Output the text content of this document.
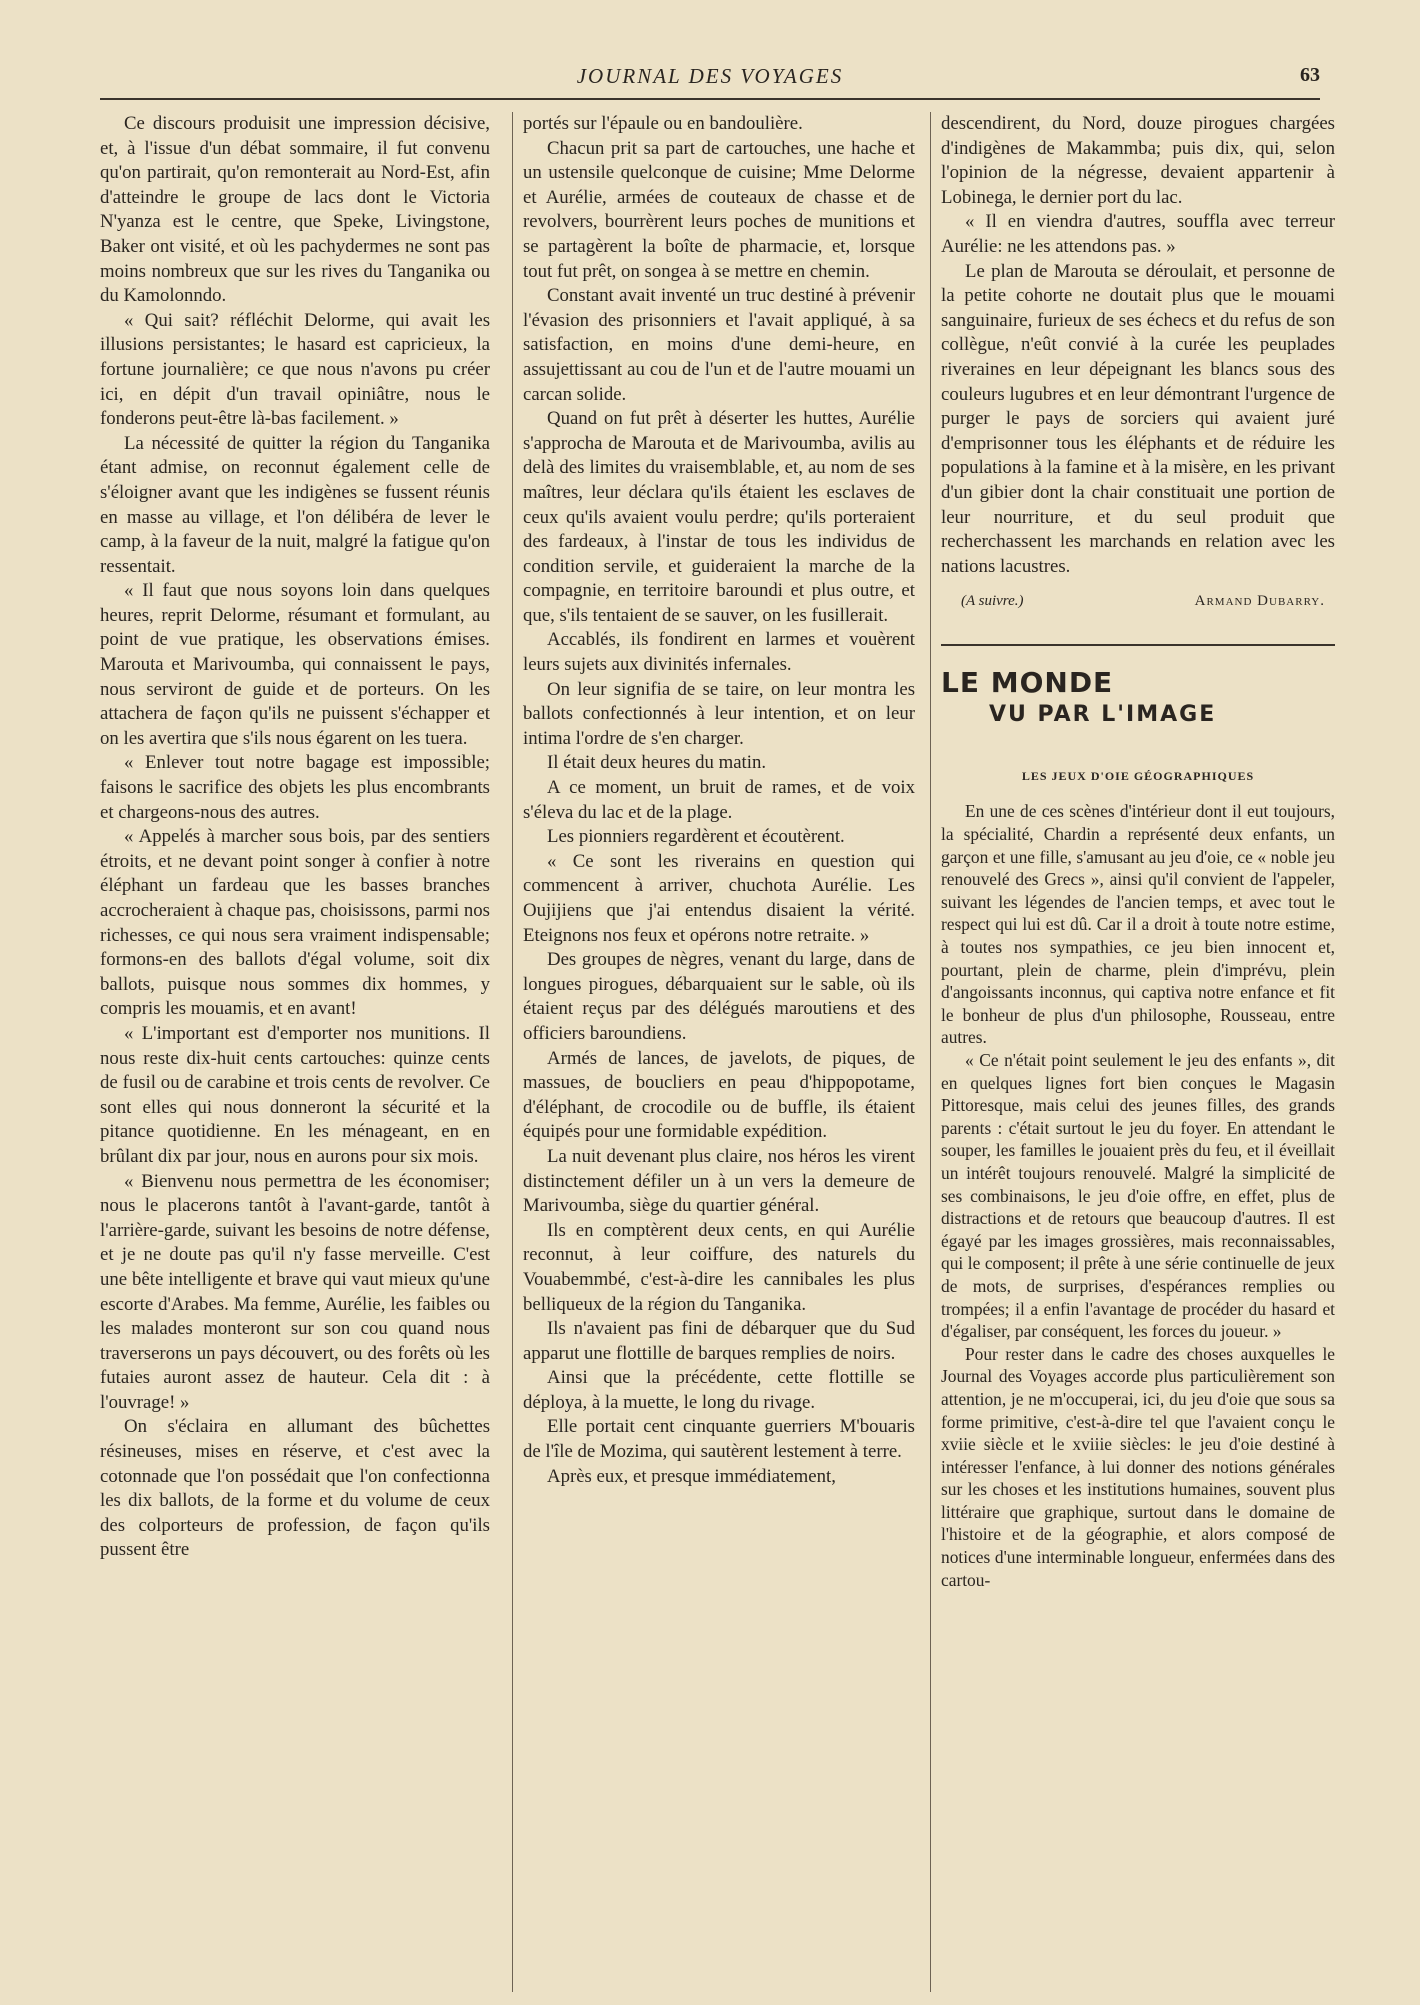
JOURNAL DES VOYAGES	63

Ce discours produisit une impression décisive, et, à l'issue d'un débat sommaire, il fut convenu qu'on partirait, qu'on remonterait au Nord-Est, afin d'atteindre le groupe de lacs dont le Victoria N'yanza est le centre, que Speke, Livingstone, Baker ont visité, et où les pachydermes ne sont pas moins nombreux que sur les rives du Tanganika ou du Kamolonndo.

« Qui sait? réfléchit Delorme, qui avait les illusions persistantes; le hasard est capricieux, la fortune journalière; ce que nous n'avons pu créer ici, en dépit d'un travail opiniâtre, nous le fonderons peut-être là-bas facilement. »

La nécessité de quitter la région du Tanganika étant admise, on reconnut également celle de s'éloigner avant que les indigènes se fussent réunis en masse au village, et l'on délibéra de lever le camp, à la faveur de la nuit, malgré la fatigue qu'on ressentait.

« Il faut que nous soyons loin dans quelques heures, reprit Delorme, résumant et formulant, au point de vue pratique, les observations émises. Marouta et Marivoumba, qui connaissent le pays, nous serviront de guide et de porteurs. On les attachera de façon qu'ils ne puissent s'échapper et on les avertira que s'ils nous égarent on les tuera.

« Enlever tout notre bagage est impossible; faisons le sacrifice des objets les plus encombrants et chargeons-nous des autres.

« Appelés à marcher sous bois, par des sentiers étroits, et ne devant point songer à confier à notre éléphant un fardeau que les basses branches accrocheraient à chaque pas, choisissons, parmi nos richesses, ce qui nous sera vraiment indispensable; formons-en des ballots d'égal volume, soit dix ballots, puisque nous sommes dix hommes, y compris les mouamis, et en avant!

« L'important est d'emporter nos munitions. Il nous reste dix-huit cents cartouches: quinze cents de fusil ou de carabine et trois cents de revolver. Ce sont elles qui nous donneront la sécurité et la pitance quotidienne. En les ménageant, en en brûlant dix par jour, nous en aurons pour six mois.

« Bienvenu nous permettra de les économiser; nous le placerons tantôt à l'avant-garde, tantôt à l'arrière-garde, suivant les besoins de notre défense, et je ne doute pas qu'il n'y fasse merveille. C'est une bête intelligente et brave qui vaut mieux qu'une escorte d'Arabes. Ma femme, Aurélie, les faibles ou les malades monteront sur son cou quand nous traverserons un pays découvert, ou des forêts où les futaies auront assez de hauteur. Cela dit : à l'ouvrage! »

On s'éclaira en allumant des bûchettes résineuses, mises en réserve, et c'est avec la cotonnade que l'on possédait que l'on confectionna les dix ballots, de la forme et du volume de ceux des colporteurs de profession, de façon qu'ils pussent être

portés sur l'épaule ou en bandoulière.

Chacun prit sa part de cartouches, une hache et un ustensile quelconque de cuisine; Mme Delorme et Aurélie, armées de couteaux de chasse et de revolvers, bourrèrent leurs poches de munitions et se partagèrent la boîte de pharmacie, et, lorsque tout fut prêt, on songea à se mettre en chemin.

Constant avait inventé un truc destiné à prévenir l'évasion des prisonniers et l'avait appliqué, à sa satisfaction, en moins d'une demi-heure, en assujettissant au cou de l'un et de l'autre mouami un carcan solide.

Quand on fut prêt à déserter les huttes, Aurélie s'approcha de Marouta et de Marivoumba, avilis au delà des limites du vraisemblable, et, au nom de ses maîtres, leur déclara qu'ils étaient les esclaves de ceux qu'ils avaient voulu perdre; qu'ils porteraient des fardeaux, à l'instar de tous les individus de condition servile, et guideraient la marche de la compagnie, en territoire baroundi et plus outre, et que, s'ils tentaient de se sauver, on les fusillerait.

Accablés, ils fondirent en larmes et vouèrent leurs sujets aux divinités infernales.

On leur signifia de se taire, on leur montra les ballots confectionnés à leur intention, et on leur intima l'ordre de s'en charger.

Il était deux heures du matin.

A ce moment, un bruit de rames, et de voix s'éleva du lac et de la plage.

Les pionniers regardèrent et écoutèrent.

« Ce sont les riverains en question qui commencent à arriver, chuchota Aurélie. Les Oujijiens que j'ai entendus disaient la vérité. Eteignons nos feux et opérons notre retraite. »

Des groupes de nègres, venant du large, dans de longues pirogues, débarquaient sur le sable, où ils étaient reçus par des délégués maroutiens et des officiers baroundiens.

Armés de lances, de javelots, de piques, de massues, de boucliers en peau d'hippopotame, d'éléphant, de crocodile ou de buffle, ils étaient équipés pour une formidable expédition.

La nuit devenant plus claire, nos héros les virent distinctement défiler un à un vers la demeure de Marivoumba, siège du quartier général.

Ils en comptèrent deux cents, en qui Aurélie reconnut, à leur coiffure, des naturels du Vouabemmbé, c'est-à-dire les cannibales les plus belliqueux de la région du Tanganika.

Ils n'avaient pas fini de débarquer que du Sud apparut une flottille de barques remplies de noirs.

Ainsi que la précédente, cette flottille se déploya, à la muette, le long du rivage.

Elle portait cent cinquante guerriers M'bouaris de l'île de Mozima, qui sautèrent lestement à terre.

Après eux, et presque immédiatement,

descendirent, du Nord, douze pirogues chargées d'indigènes de Makammba; puis dix, qui, selon l'opinion de la négresse, devaient appartenir à Lobinega, le dernier port du lac.

« Il en viendra d'autres, souffla avec terreur Aurélie: ne les attendons pas. »

Le plan de Marouta se déroulait, et personne de la petite cohorte ne doutait plus que le mouami sanguinaire, furieux de ses échecs et du refus de son collègue, n'eût convié à la curée les peuplades riveraines en leur dépeignant les blancs sous des couleurs lugubres et en leur démontrant l'urgence de purger le pays de sorciers qui avaient juré d'emprisonner tous les éléphants et de réduire les populations à la famine et à la misère, en les privant d'un gibier dont la chair constituait une portion de leur nourriture, et du seul produit que recherchassent les marchands en relation avec les nations lacustres.

(A suivre.)	Armand Dubarry.
LE MONDE
VU PAR L'IMAGE
LES JEUX D'OIE GÉOGRAPHIQUES

En une de ces scènes d'intérieur dont il eut toujours, la spécialité, Chardin a représenté deux enfants, un garçon et une fille, s'amusant au jeu d'oie, ce « noble jeu renouvelé des Grecs », ainsi qu'il convient de l'appeler, suivant les légendes de l'ancien temps, et avec tout le respect qui lui est dû. Car il a droit à toute notre estime, à toutes nos sympathies, ce jeu bien innocent et, pourtant, plein de charme, plein d'imprévu, plein d'angoissants inconnus, qui captiva notre enfance et fit le bonheur de plus d'un philosophe, Rousseau, entre autres.

« Ce n'était point seulement le jeu des enfants », dit en quelques lignes fort bien conçues le Magasin Pittoresque, mais celui des jeunes filles, des grands parents : c'était surtout le jeu du foyer. En attendant le souper, les familles le jouaient près du feu, et il éveillait un intérêt toujours renouvelé. Malgré la simplicité de ses combinaisons, le jeu d'oie offre, en effet, plus de distractions et de retours que beaucoup d'autres. Il est égayé par les images grossières, mais reconnaissables, qui le composent; il prête à une série continuelle de jeux de mots, de surprises, d'espérances remplies ou trompées; il a enfin l'avantage de procéder du hasard et d'égaliser, par conséquent, les forces du joueur. »

Pour rester dans le cadre des choses auxquelles le Journal des Voyages accorde plus particulièrement son attention, je ne m'occuperai, ici, du jeu d'oie que sous sa forme primitive, c'est-à-dire tel que l'avaient conçu le xviie siècle et le xviiie siècles: le jeu d'oie destiné à intéresser l'enfance, à lui donner des notions générales sur les choses et les institutions humaines, souvent plus littéraire que graphique, surtout dans le domaine de l'histoire et de la géographie, et alors composé de notices d'une interminable longueur, enfermées dans des cartou-
